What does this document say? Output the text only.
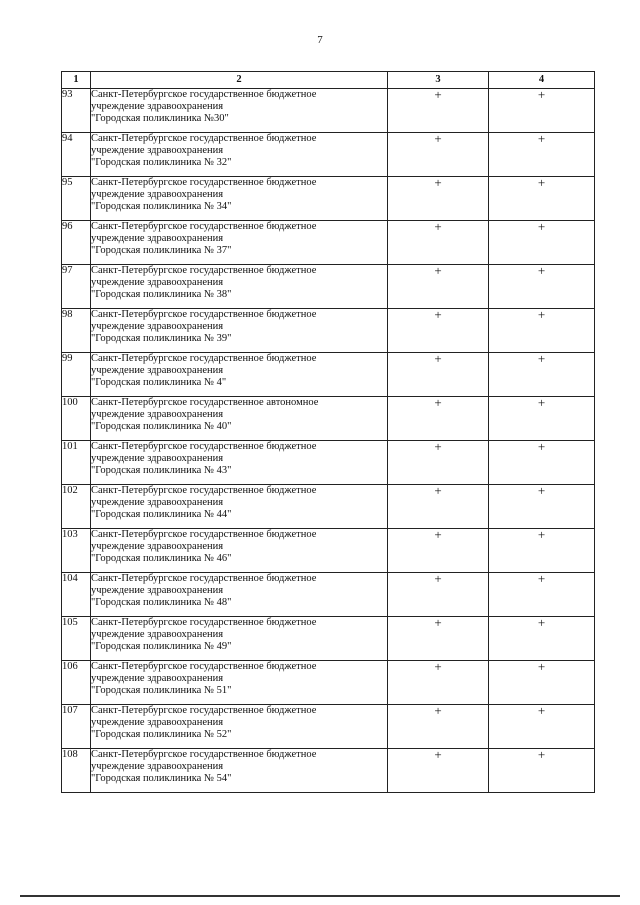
7
1	2	3	4
93	Санкт-Петербургское государственное бюджетное
учреждение здравоохранения
"Городская поликлиника №30"	+	+
94	Санкт-Петербургское государственное бюджетное
учреждение здравоохранения
"Городская поликлиника № 32"	+	+
95	Санкт-Петербургское государственное бюджетное
учреждение здравоохранения
"Городская поликлиника № 34"	+	+
96	Санкт-Петербургское государственное бюджетное
учреждение здравоохранения
"Городская поликлиника № 37"	+	+
97	Санкт-Петербургское государственное бюджетное
учреждение здравоохранения
"Городская поликлиника № 38"	+	+
98	Санкт-Петербургское государственное бюджетное
учреждение здравоохранения
"Городская поликлиника № 39"	+	+
99	Санкт-Петербургское государственное бюджетное
учреждение здравоохранения
"Городская поликлиника № 4"	+	+
100	Санкт-Петербургское государственное автономное
учреждение здравоохранения
"Городская поликлиника № 40"	+	+
101	Санкт-Петербургское государственное бюджетное
учреждение здравоохранения
"Городская поликлиника № 43"	+	+
102	Санкт-Петербургское государственное бюджетное
учреждение здравоохранения
"Городская поликлиника № 44"	+	+
103	Санкт-Петербургское государственное бюджетное
учреждение здравоохранения
"Городская поликлиника № 46"	+	+
104	Санкт-Петербургское государственное бюджетное
учреждение здравоохранения
"Городская поликлиника № 48"	+	+
105	Санкт-Петербургское государственное бюджетное
учреждение здравоохранения
"Городская поликлиника № 49"	+	+
106	Санкт-Петербургское государственное бюджетное
учреждение здравоохранения
"Городская поликлиника № 51"	+	+
107	Санкт-Петербургское государственное бюджетное
учреждение здравоохранения
"Городская поликлиника № 52"	+	+
108	Санкт-Петербургское государственное бюджетное
учреждение здравоохранения
"Городская поликлиника № 54"	+	+
